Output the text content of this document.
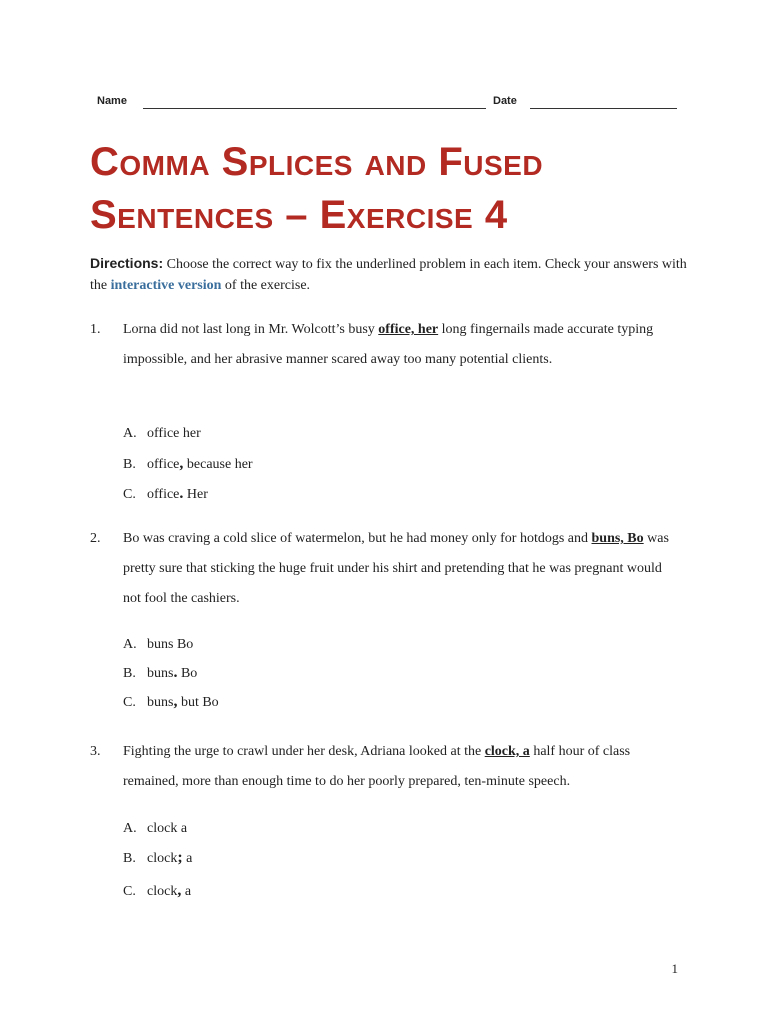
Name	Date
Comma Splices and Fused Sentences – Exercise 4
Directions: Choose the correct way to fix the underlined problem in each item. Check your answers with the interactive version of the exercise.
1. Lorna did not last long in Mr. Wolcott’s busy office, her long fingernails made accurate typing impossible, and her abrasive manner scared away too many potential clients.
A. office her
B. office, because her
C. office. Her
2. Bo was craving a cold slice of watermelon, but he had money only for hotdogs and buns, Bo was pretty sure that sticking the huge fruit under his shirt and pretending that he was pregnant would not fool the cashiers.
A. buns Bo
B. buns. Bo
C. buns, but Bo
3. Fighting the urge to crawl under her desk, Adriana looked at the clock, a half hour of class remained, more than enough time to do her poorly prepared, ten-minute speech.
A. clock a
B. clock; a
C. clock, a
1
